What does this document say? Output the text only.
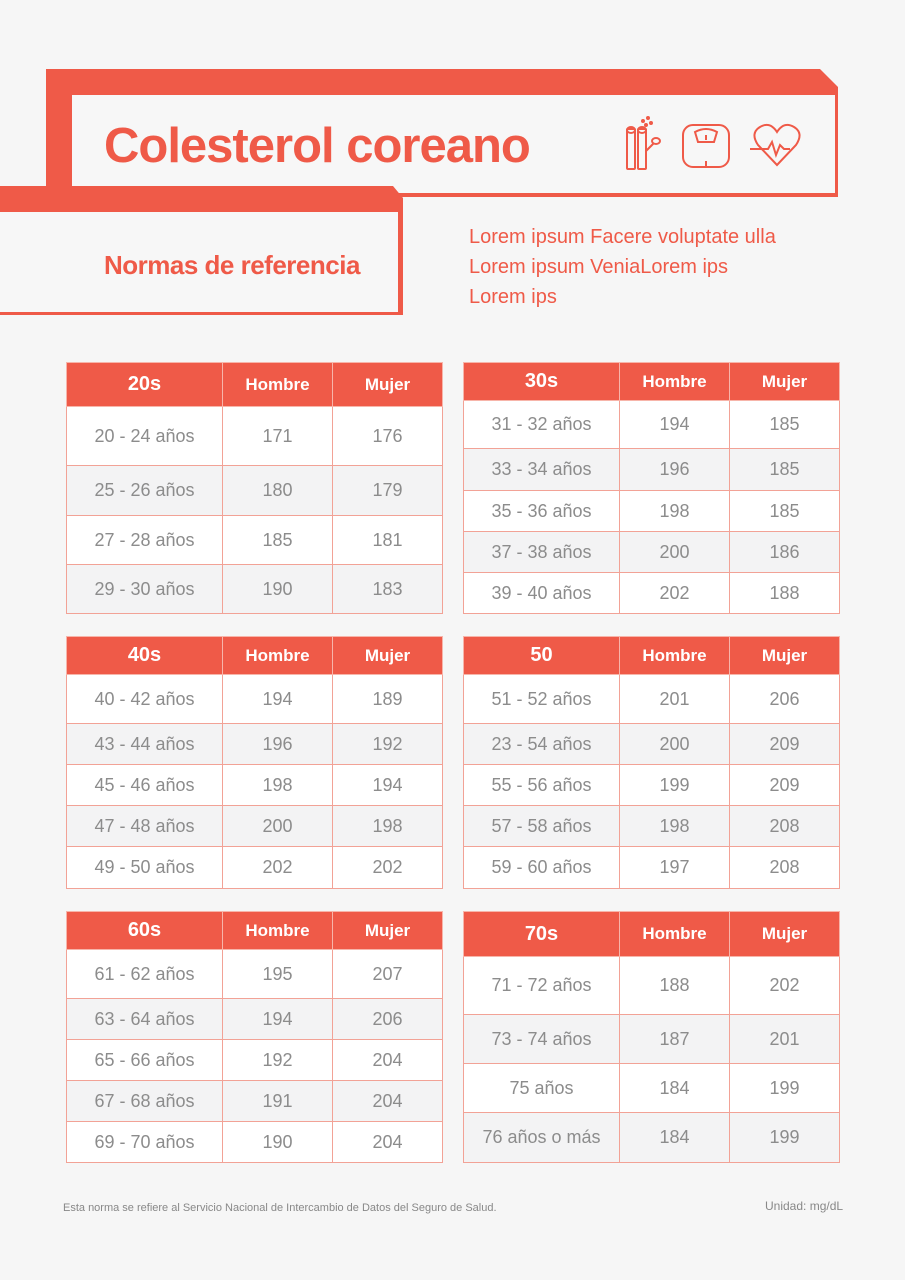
Colesterol coreano
Normas de referencia
Lorem ipsum Facere voluptate ulla
Lorem ipsum VeniaLorem ips
Lorem ips
20s	Hombre	Mujer
20 - 24 años	171	176
25 - 26 años	180	179
27 - 28 años	185	181
29 - 30 años	190	183
30s	Hombre	Mujer
31 - 32 años	194	185
33 - 34 años	196	185
35 - 36 años	198	185
37 - 38 años	200	186
39 - 40 años	202	188
40s	Hombre	Mujer
40 - 42 años	194	189
43 - 44 años	196	192
45 - 46 años	198	194
47 - 48 años	200	198
49 - 50 años	202	202
50	Hombre	Mujer
51 - 52 años	201	206
23 - 54 años	200	209
55 - 56 años	199	209
57 - 58 años	198	208
59 - 60 años	197	208
60s	Hombre	Mujer
61 - 62 años	195	207
63 - 64 años	194	206
65 - 66 años	192	204
67 - 68 años	191	204
69 - 70 años	190	204
70s	Hombre	Mujer
71 - 72 años	188	202
73 - 74 años	187	201
75 años	184	199
76 años o más	184	199
Esta norma se refiere al Servicio Nacional de Intercambio de Datos del Seguro de Salud.	Unidad: mg/dL
